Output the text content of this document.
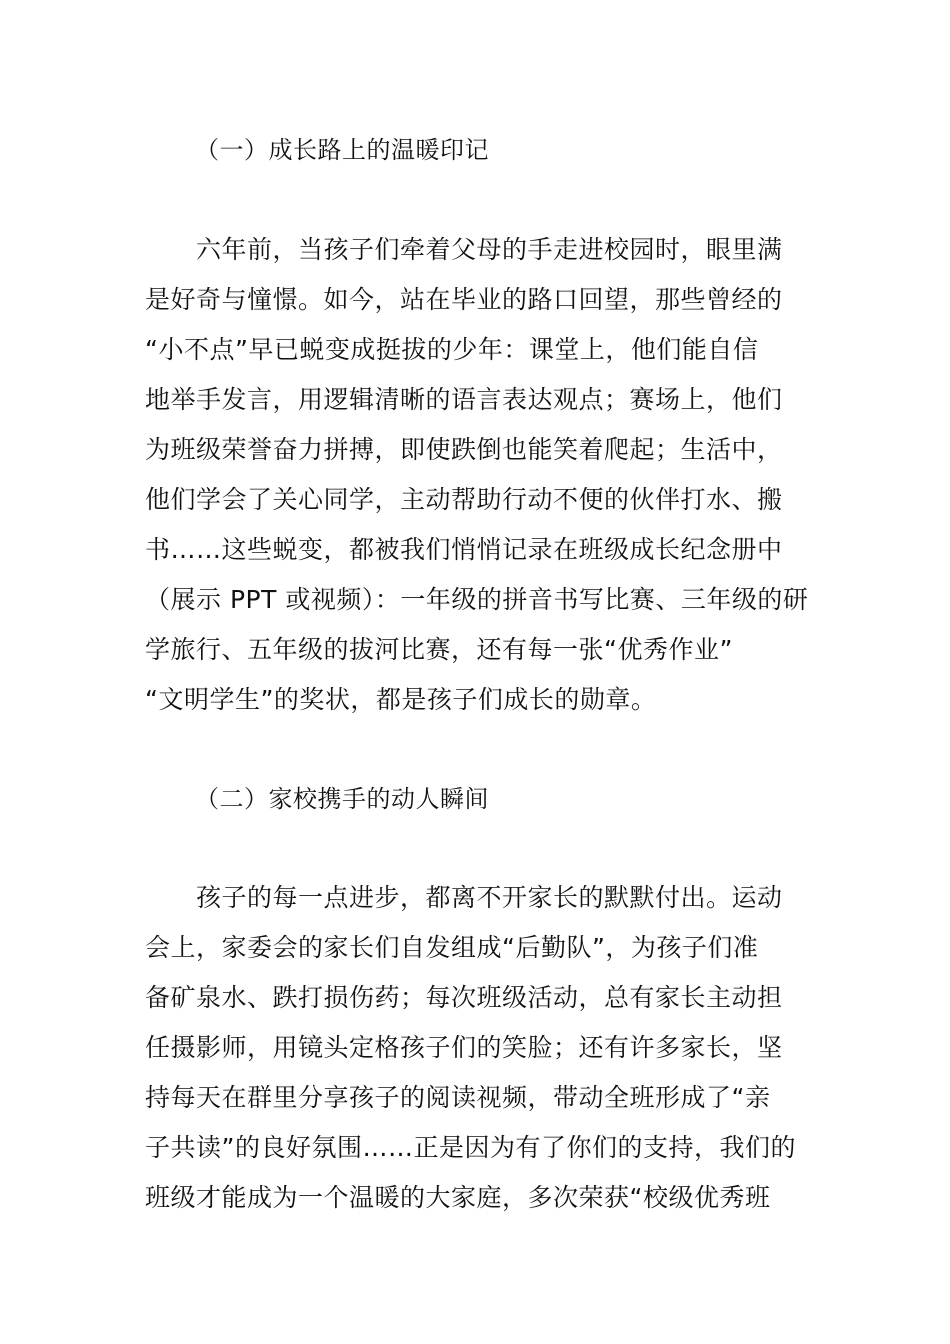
（一）成长路上的温暖印记
六年前，当孩子们牵着父母的手走进校园时，眼里满
是好奇与憧憬。如今，站在毕业的路口回望，那些曾经的
“小不点”早已蜕变成挺拔的少年：课堂上，他们能自信
地举手发言，用逻辑清晰的语言表达观点；赛场上，他们
为班级荣誉奋力拼搏，即使跌倒也能笑着爬起；生活中，
他们学会了关心同学，主动帮助行动不便的伙伴打水、搬
书……这些蜕变，都被我们悄悄记录在班级成长纪念册中
（展示 PPT 或视频）：一年级的拼音书写比赛、三年级的研
学旅行、五年级的拔河比赛，还有每一张“优秀作业”
“文明学生”的奖状，都是孩子们成长的勋章。
（二）家校携手的动人瞬间
孩子的每一点进步，都离不开家长的默默付出。运动
会上，家委会的家长们自发组成“后勤队”，为孩子们准
备矿泉水、跌打损伤药；每次班级活动，总有家长主动担
任摄影师，用镜头定格孩子们的笑脸；还有许多家长，坚
持每天在群里分享孩子的阅读视频，带动全班形成了“亲
子共读”的良好氛围……正是因为有了你们的支持，我们的
班级才能成为一个温暖的大家庭，多次荣获“校级优秀班
